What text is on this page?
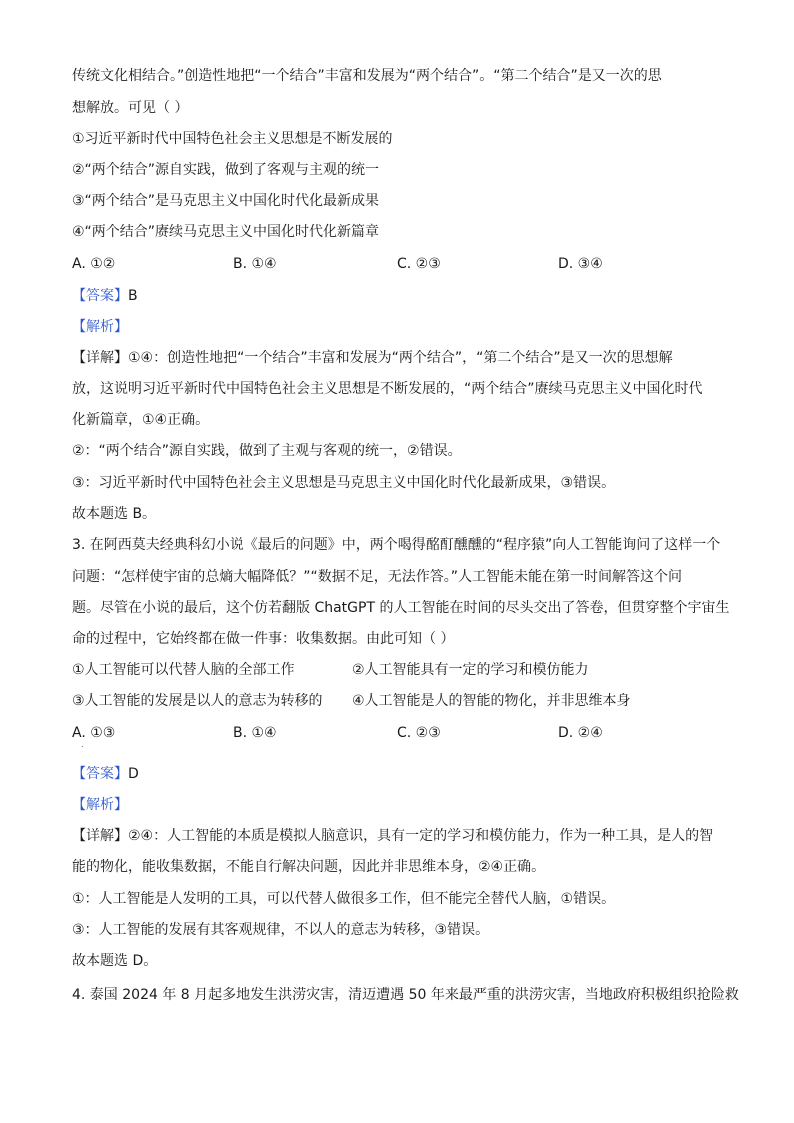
传统文化相结合。”创造性地把“一个结合”丰富和发展为“两个结合”。“第二个结合”是又一次的思
想解放。可见（ ）
①习近平新时代中国特色社会主义思想是不断发展的
②“两个结合”源自实践，做到了客观与主观的统一
③“两个结合”是马克思主义中国化时代化最新成果
④“两个结合”赓续马克思主义中国化时代化新篇章
A. ①②	B. ①④	C. ②③	D. ③④
【答案】B
【解析】
【详解】①④：创造性地把“一个结合”丰富和发展为“两个结合”，“第二个结合”是又一次的思想解
放，这说明习近平新时代中国特色社会主义思想是不断发展的，“两个结合”赓续马克思主义中国化时代
化新篇章，①④正确。
②：“两个结合”源自实践，做到了主观与客观的统一，②错误。
③：习近平新时代中国特色社会主义思想是马克思主义中国化时代化最新成果，③错误。
故本题选 B。
3. 在阿西莫夫经典科幻小说《最后的问题》中，两个喝得酩酊醺醺的“程序猿”向人工智能询问了这样一个
问题：“怎样使宇宙的总熵大幅降低？”“数据不足，无法作答。”人工智能未能在第一时间解答这个问
题。尽管在小说的最后，这个仿若翻版 ChatGPT 的人工智能在时间的尽头交出了答卷，但贯穿整个宇宙生
命的过程中，它始终都在做一件事：收集数据。由此可知（ ）
①人工智能可以代替人脑的全部工作	②人工智能具有一定的学习和模仿能力
③人工智能的发展是以人的意志为转移的 ④人工智能是人的智能的物化，并非思维本身
A. ①③	B. ①④	C. ②③	D. ②④
.
【答案】D
【解析】
【详解】②④：人工智能的本质是模拟人脑意识，具有一定的学习和模仿能力，作为一种工具，是人的智
能的物化，能收集数据，不能自行解决问题，因此并非思维本身，②④正确。
①：人工智能是人发明的工具，可以代替人做很多工作，但不能完全替代人脑，①错误。
③：人工智能的发展有其客观规律，不以人的意志为转移，③错误。
故本题选 D。
4. 泰国 2024 年 8 月起多地发生洪涝灾害，清迈遭遇 50 年来最严重的洪涝灾害，当地政府积极组织抢险救
